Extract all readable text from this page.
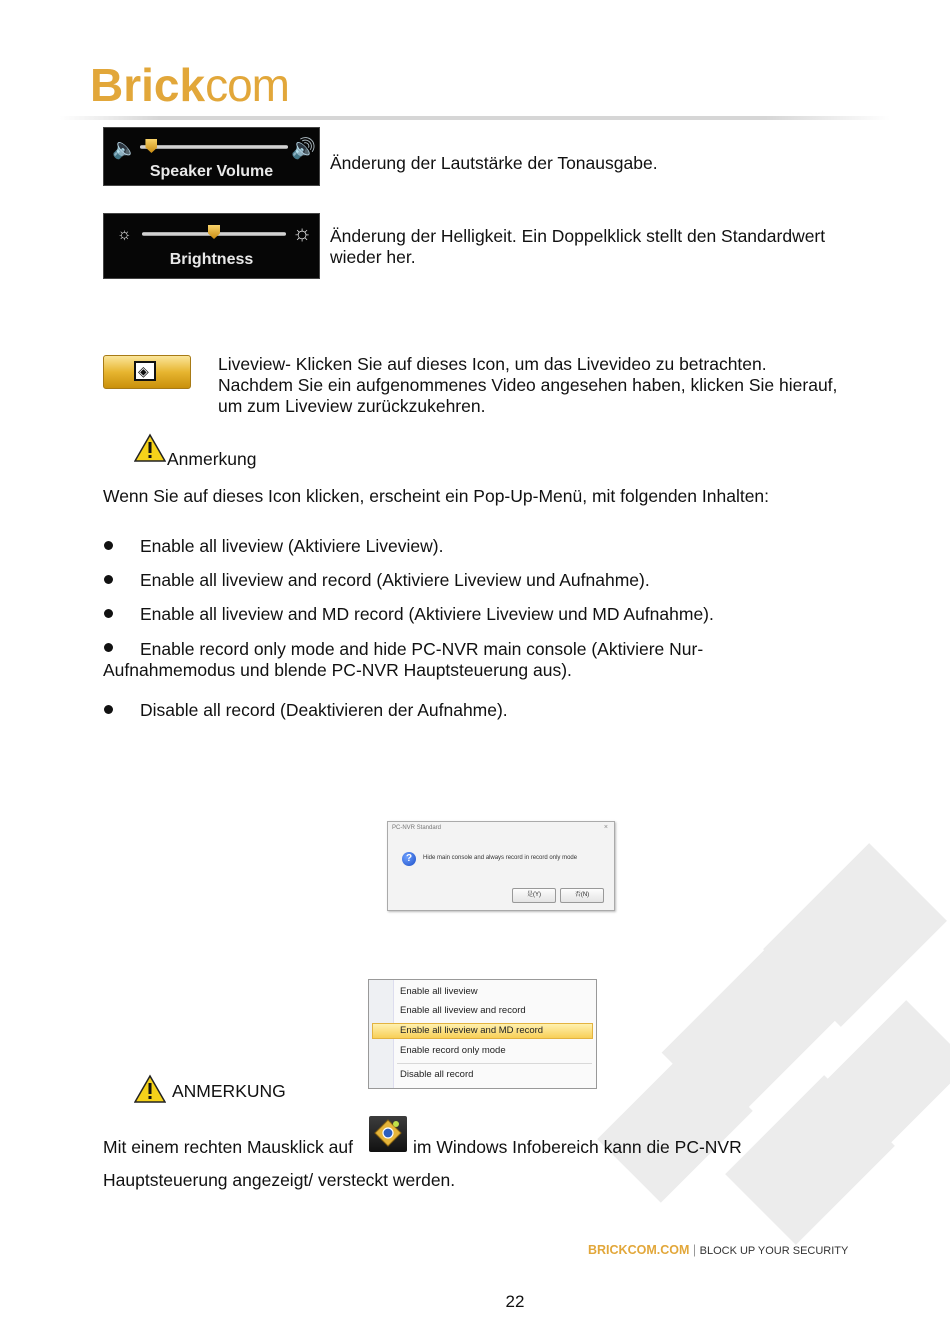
Brickcom
🔈	🔊
Speaker Volume	Änderung der Lautstärke der Tonausgabe.
☼	☼
Brightness
Änderung der Helligkeit. Ein Doppelklick stellt den Standardwert
wieder her.
◈	Liveview- Klicken Sie auf dieses Icon, um das Livevideo zu betrachten.
Nachdem Sie ein aufgenommenes Video angesehen haben, klicken Sie hierauf,
um zum Liveview zurückzukehren.
Anmerkung
Wenn Sie auf dieses Icon klicken, erscheint ein Pop-Up-Menü, mit folgenden Inhalten:
Enable all liveview (Aktiviere Liveview).
Enable all liveview and record (Aktiviere Liveview und Aufnahme).
Enable all liveview and MD record (Aktiviere Liveview und MD Aufnahme).
Enable record only mode and hide PC-NVR main console (Aktiviere Nur-
Aufnahmemodus und blende PC-NVR Hauptsteuerung aus).
Disable all record (Deaktivieren der Aufnahme).
PC-NVR Standard	×
?	Hide main console and always record in record only mode
是(Y)	否(N)
Enable all liveview
Enable all liveview and record
Enable all liveview and MD record
Enable record only mode
Disable all record
ANMERKUNG
Mit einem rechten Mausklick auf	im Windows Infobereich kann die PC-NVR
Hauptsteuerung angezeigt/ versteckt werden.
BRICKCOM.COM | BLOCK UP YOUR SECURITY
22
